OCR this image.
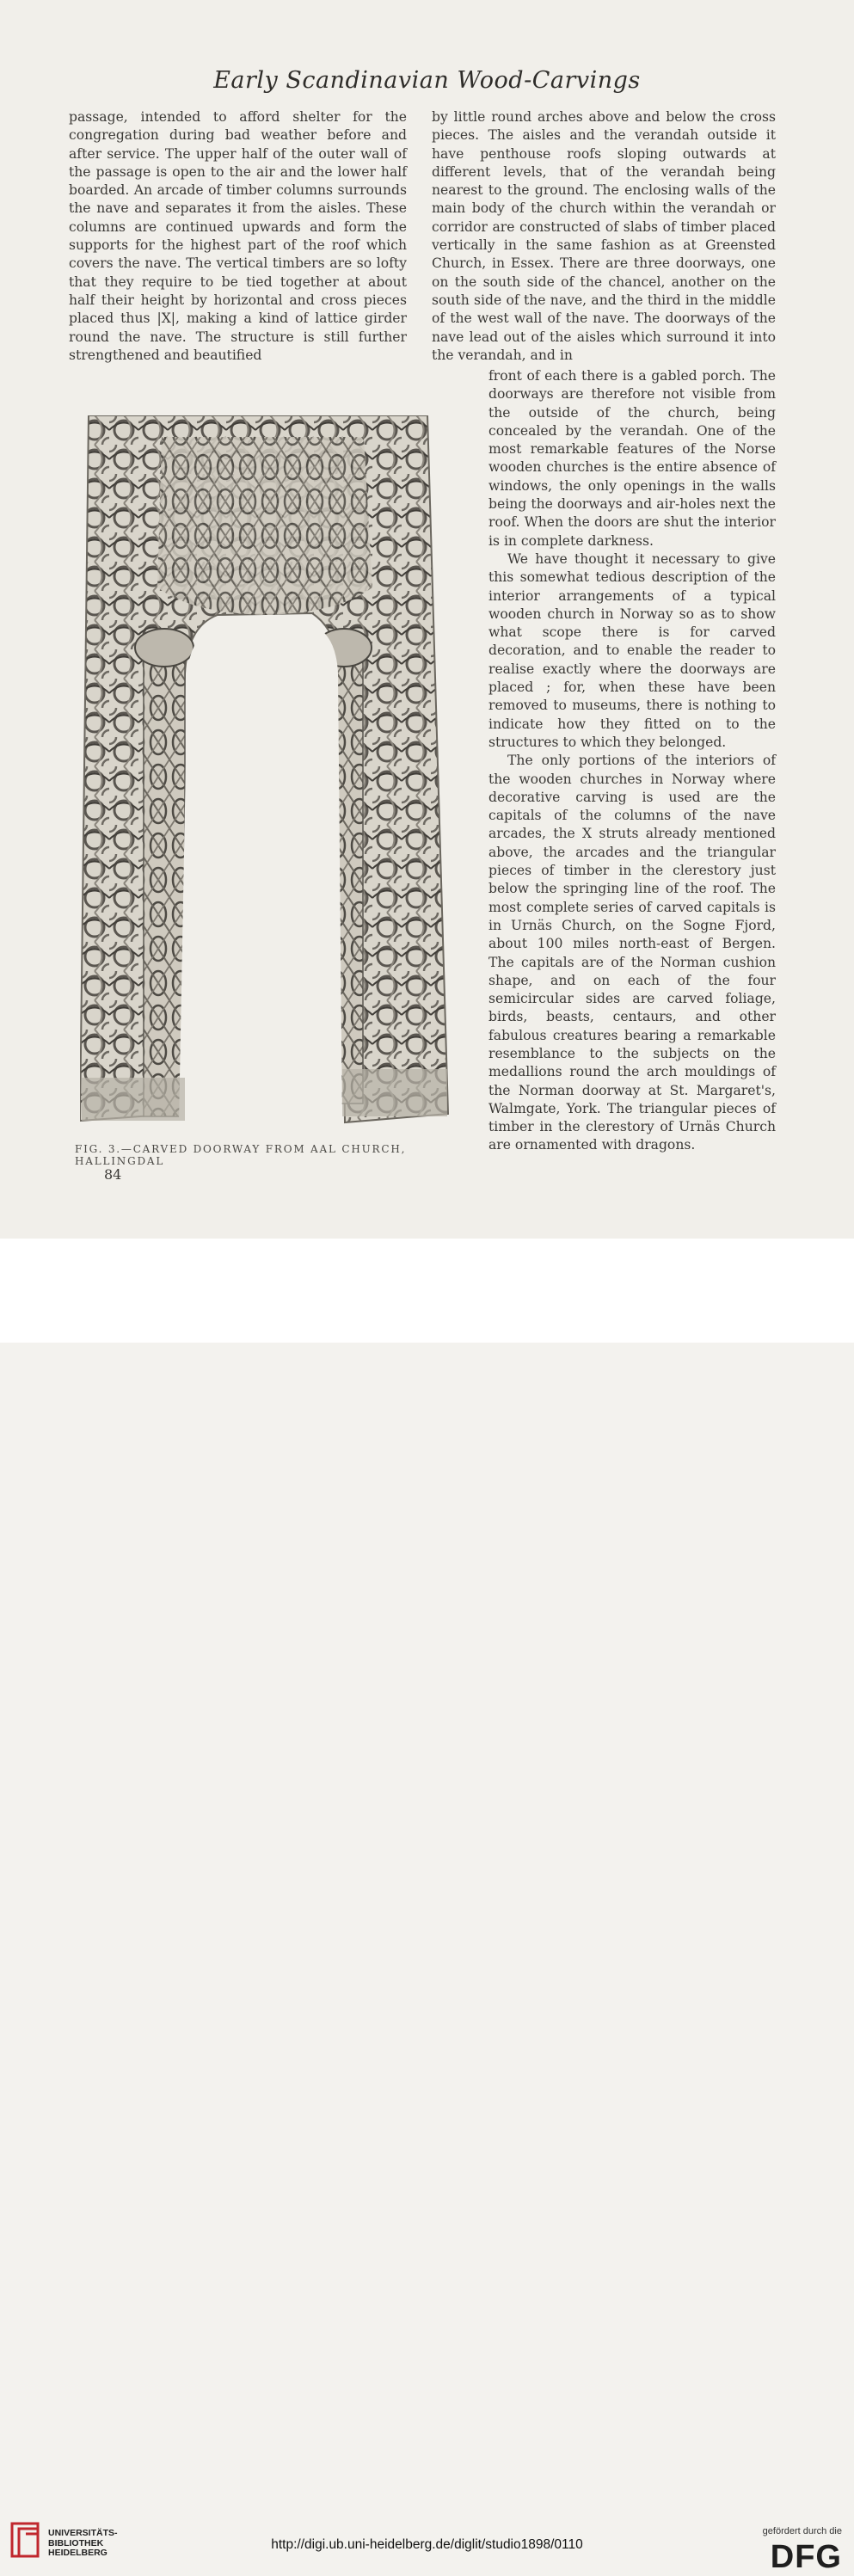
Early Scandinavian Wood-Carvings

passage, intended to afford shelter for the congregation during bad weather before and after service. The upper half of the outer wall of the passage is open to the air and the lower half boarded. An arcade of timber columns surrounds the nave and separates it from the aisles. These columns are continued upwards and form the supports for the highest part of the roof which covers the nave. The vertical timbers are so lofty that they require to be tied together at about half their height by horizontal and cross pieces placed thus |X|, making a kind of lattice girder round the nave. The structure is still further strengthened and beautified

by little round arches above and below the cross pieces. The aisles and the verandah outside it have penthouse roofs sloping outwards at different levels, that of the verandah being nearest to the ground. The enclosing walls of the main body of the church within the verandah or corridor are constructed of slabs of timber placed vertically in the same fashion as at Greensted Church, in Essex. There are three doorways, one on the south side of the chancel, another on the south side of the nave, and the third in the middle of the west wall of the nave. The doorways of the nave lead out of the aisles which surround it into the verandah, and in

front of each there is a gabled porch. The doorways are therefore not visible from the outside of the church, being concealed by the verandah. One of the most remarkable features of the Norse wooden churches is the entire absence of windows, the only openings in the walls being the doorways and air-holes next the roof. When the doors are shut the interior is in complete darkness.

We have thought it necessary to give this somewhat tedious description of the interior arrangements of a typical wooden church in Norway so as to show what scope there is for carved decoration, and to enable the reader to realise exactly where the doorways are placed ; for, when these have been removed to museums, there is nothing to indicate how they fitted on to the structures to which they belonged.

The only portions of the interiors of the wooden churches in Norway where decorative carving is used are the capitals of the columns of the nave arcades, the X struts already mentioned above, the arcades and the triangular pieces of timber in the clerestory just below the springing line of the roof. The most complete series of carved capitals is in Urnäs Church, on the Sogne Fjord, about 100 miles north-east of Bergen. The capitals are of the Norman cushion shape, and on each of the four semicircular sides are carved foliage, birds, beasts, centaurs, and other fabulous creatures bearing a remarkable resemblance to the subjects on the medallions round the arch mouldings of the Norman doorway at St. Margaret's, Walmgate, York. The triangular pieces of timber in the clerestory of Urnäs Church are ornamented with dragons.

FIG. 3.—CARVED DOORWAY FROM AAL CHURCH, HALLINGDAL
84
UNIVERSITÄTS-
BIBLIOTHEK
HEIDELBERG
http://digi.ub.uni-heidelberg.de/diglit/studio1898/0110
gefördert durch die
DFG
